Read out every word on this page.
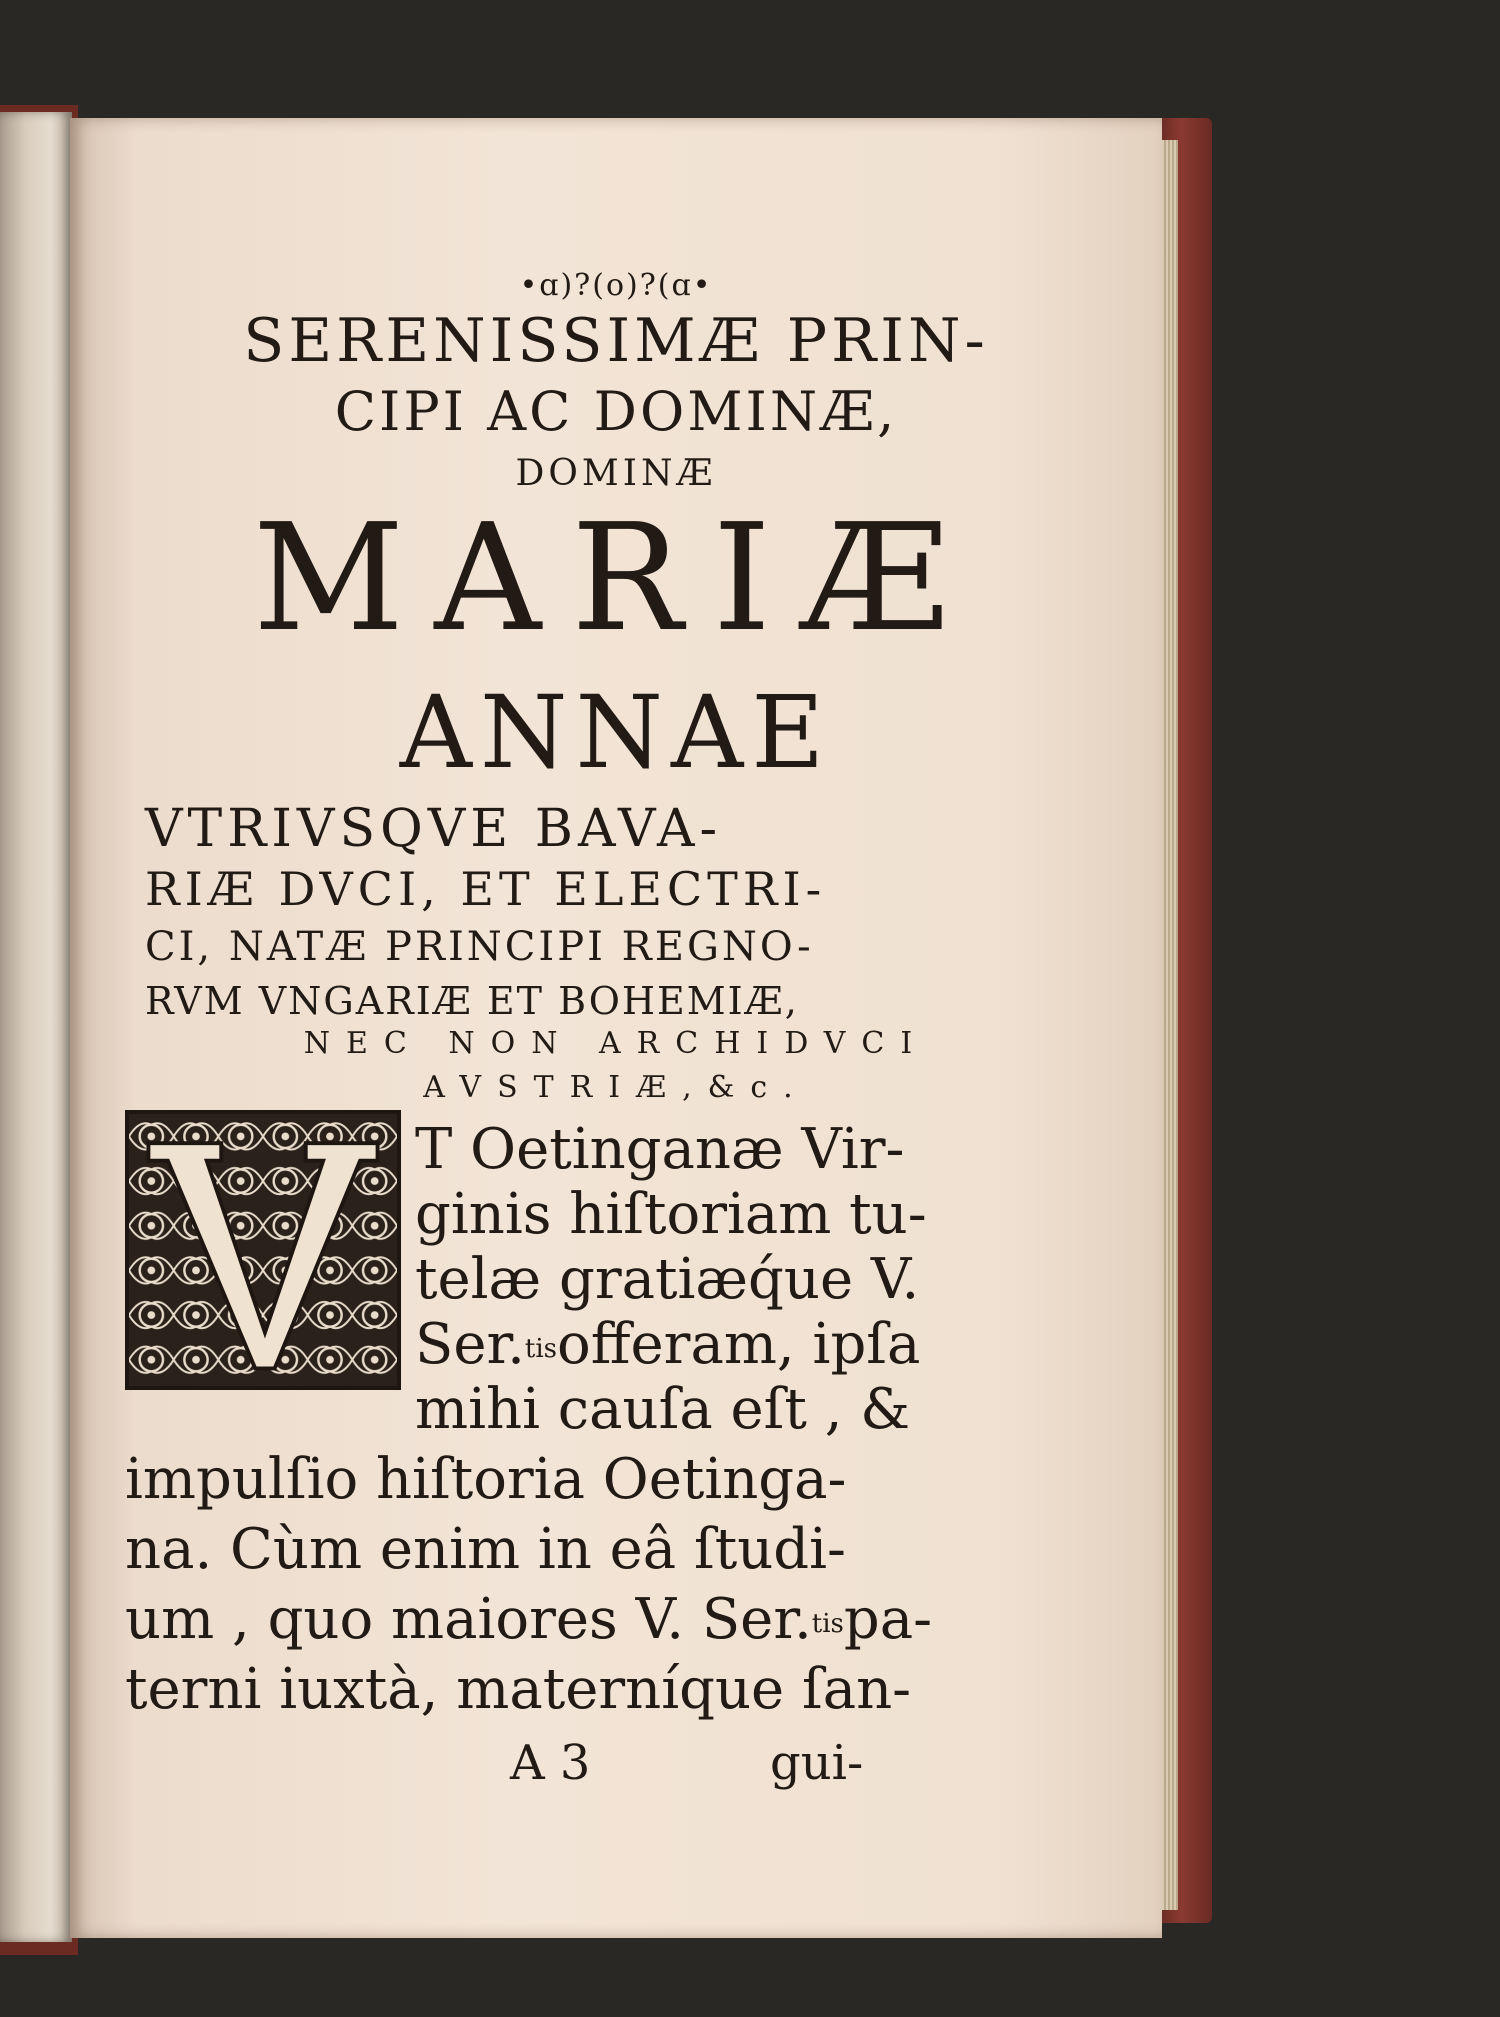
•ɑ)?(o)?(ɑ•
SERENISSIMÆ PRIN-
CIPI AC DOMINÆ,
DOMINÆ
MARIÆ
ANNAE
VTRIVSQVE BAVA-
RIÆ DVCI, ET ELECTRI-
CI, NATÆ PRINCIPI REGNO-
RVM VNGARIÆ ET BOHEMIÆ,
NEC NON ARCHIDVCI
AVSTRIÆ,&c.
T Oetinganæ Vir-
ginis hiſtoriam tu-
telæ gratiæq́ue V.
Ser.$^{tis}$offeram, ipſa
mihi cauſa eſt , &
impulſio hiſtoria Oetinga-
na. Cùm enim in eâ ſtudi-
um , quo maiores V. Ser.$^{tis}$pa-
terni iuxtà, materníque ſan-
A 3	gui-
